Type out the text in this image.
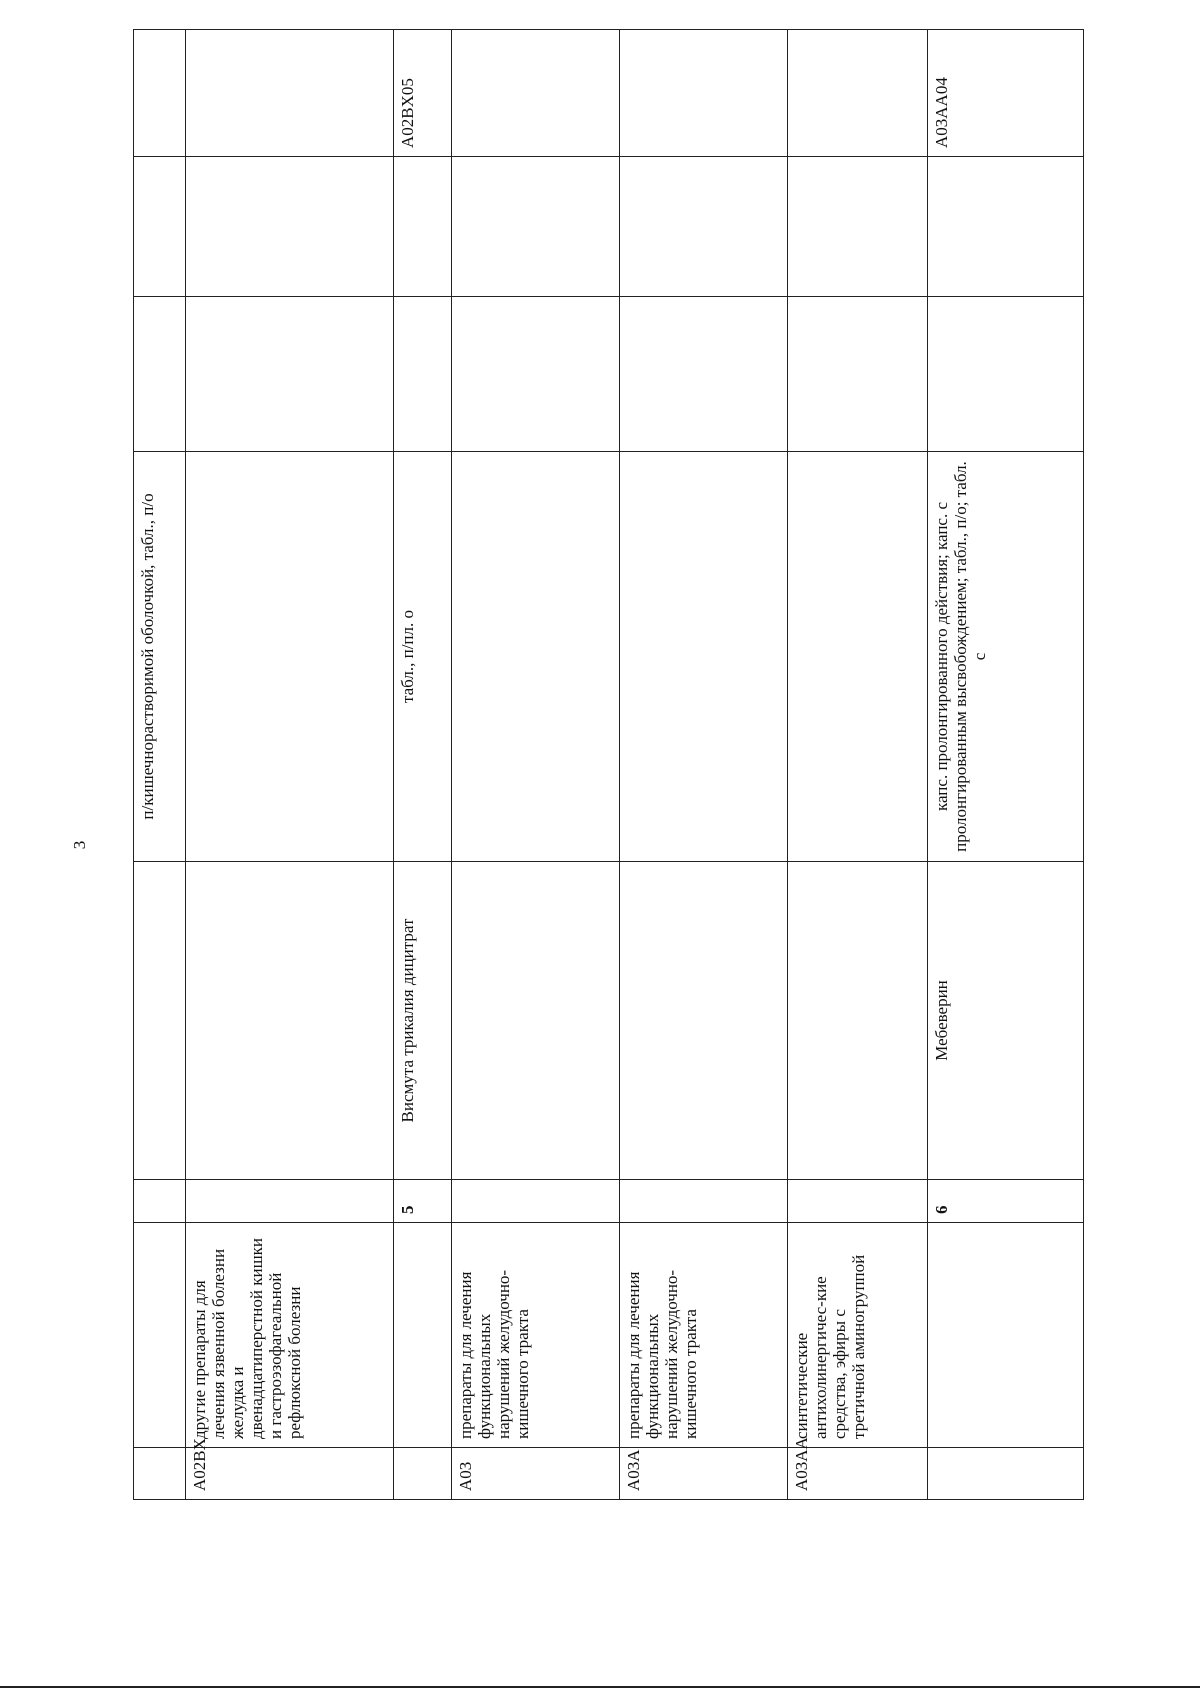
3
				п/кишечнорастворимой оболочкой, табл., п/о			
A02BX	другие препараты для лечения язвенной болезни желудка и двенадцатиперстной кишки и гастроэзофагеальной рефлюксной болезни						
		5	Висмута трикалия дицитрат	табл., п/пл. о			A02BX05
A03	препараты для лечения функциональных нарушений желудочно-кишечного тракта						
A03A	препараты для лечения функциональных нарушений желудочно-кишечного тракта						
A03AA	синтетические антихолинергичес-кие средства, эфиры с третичной аминогруппой						
		6	Мебеверин	капс. пролонгированного действия; капс. с пролонгированным высвобождением; табл., п/о; табл. с			A03AA04
